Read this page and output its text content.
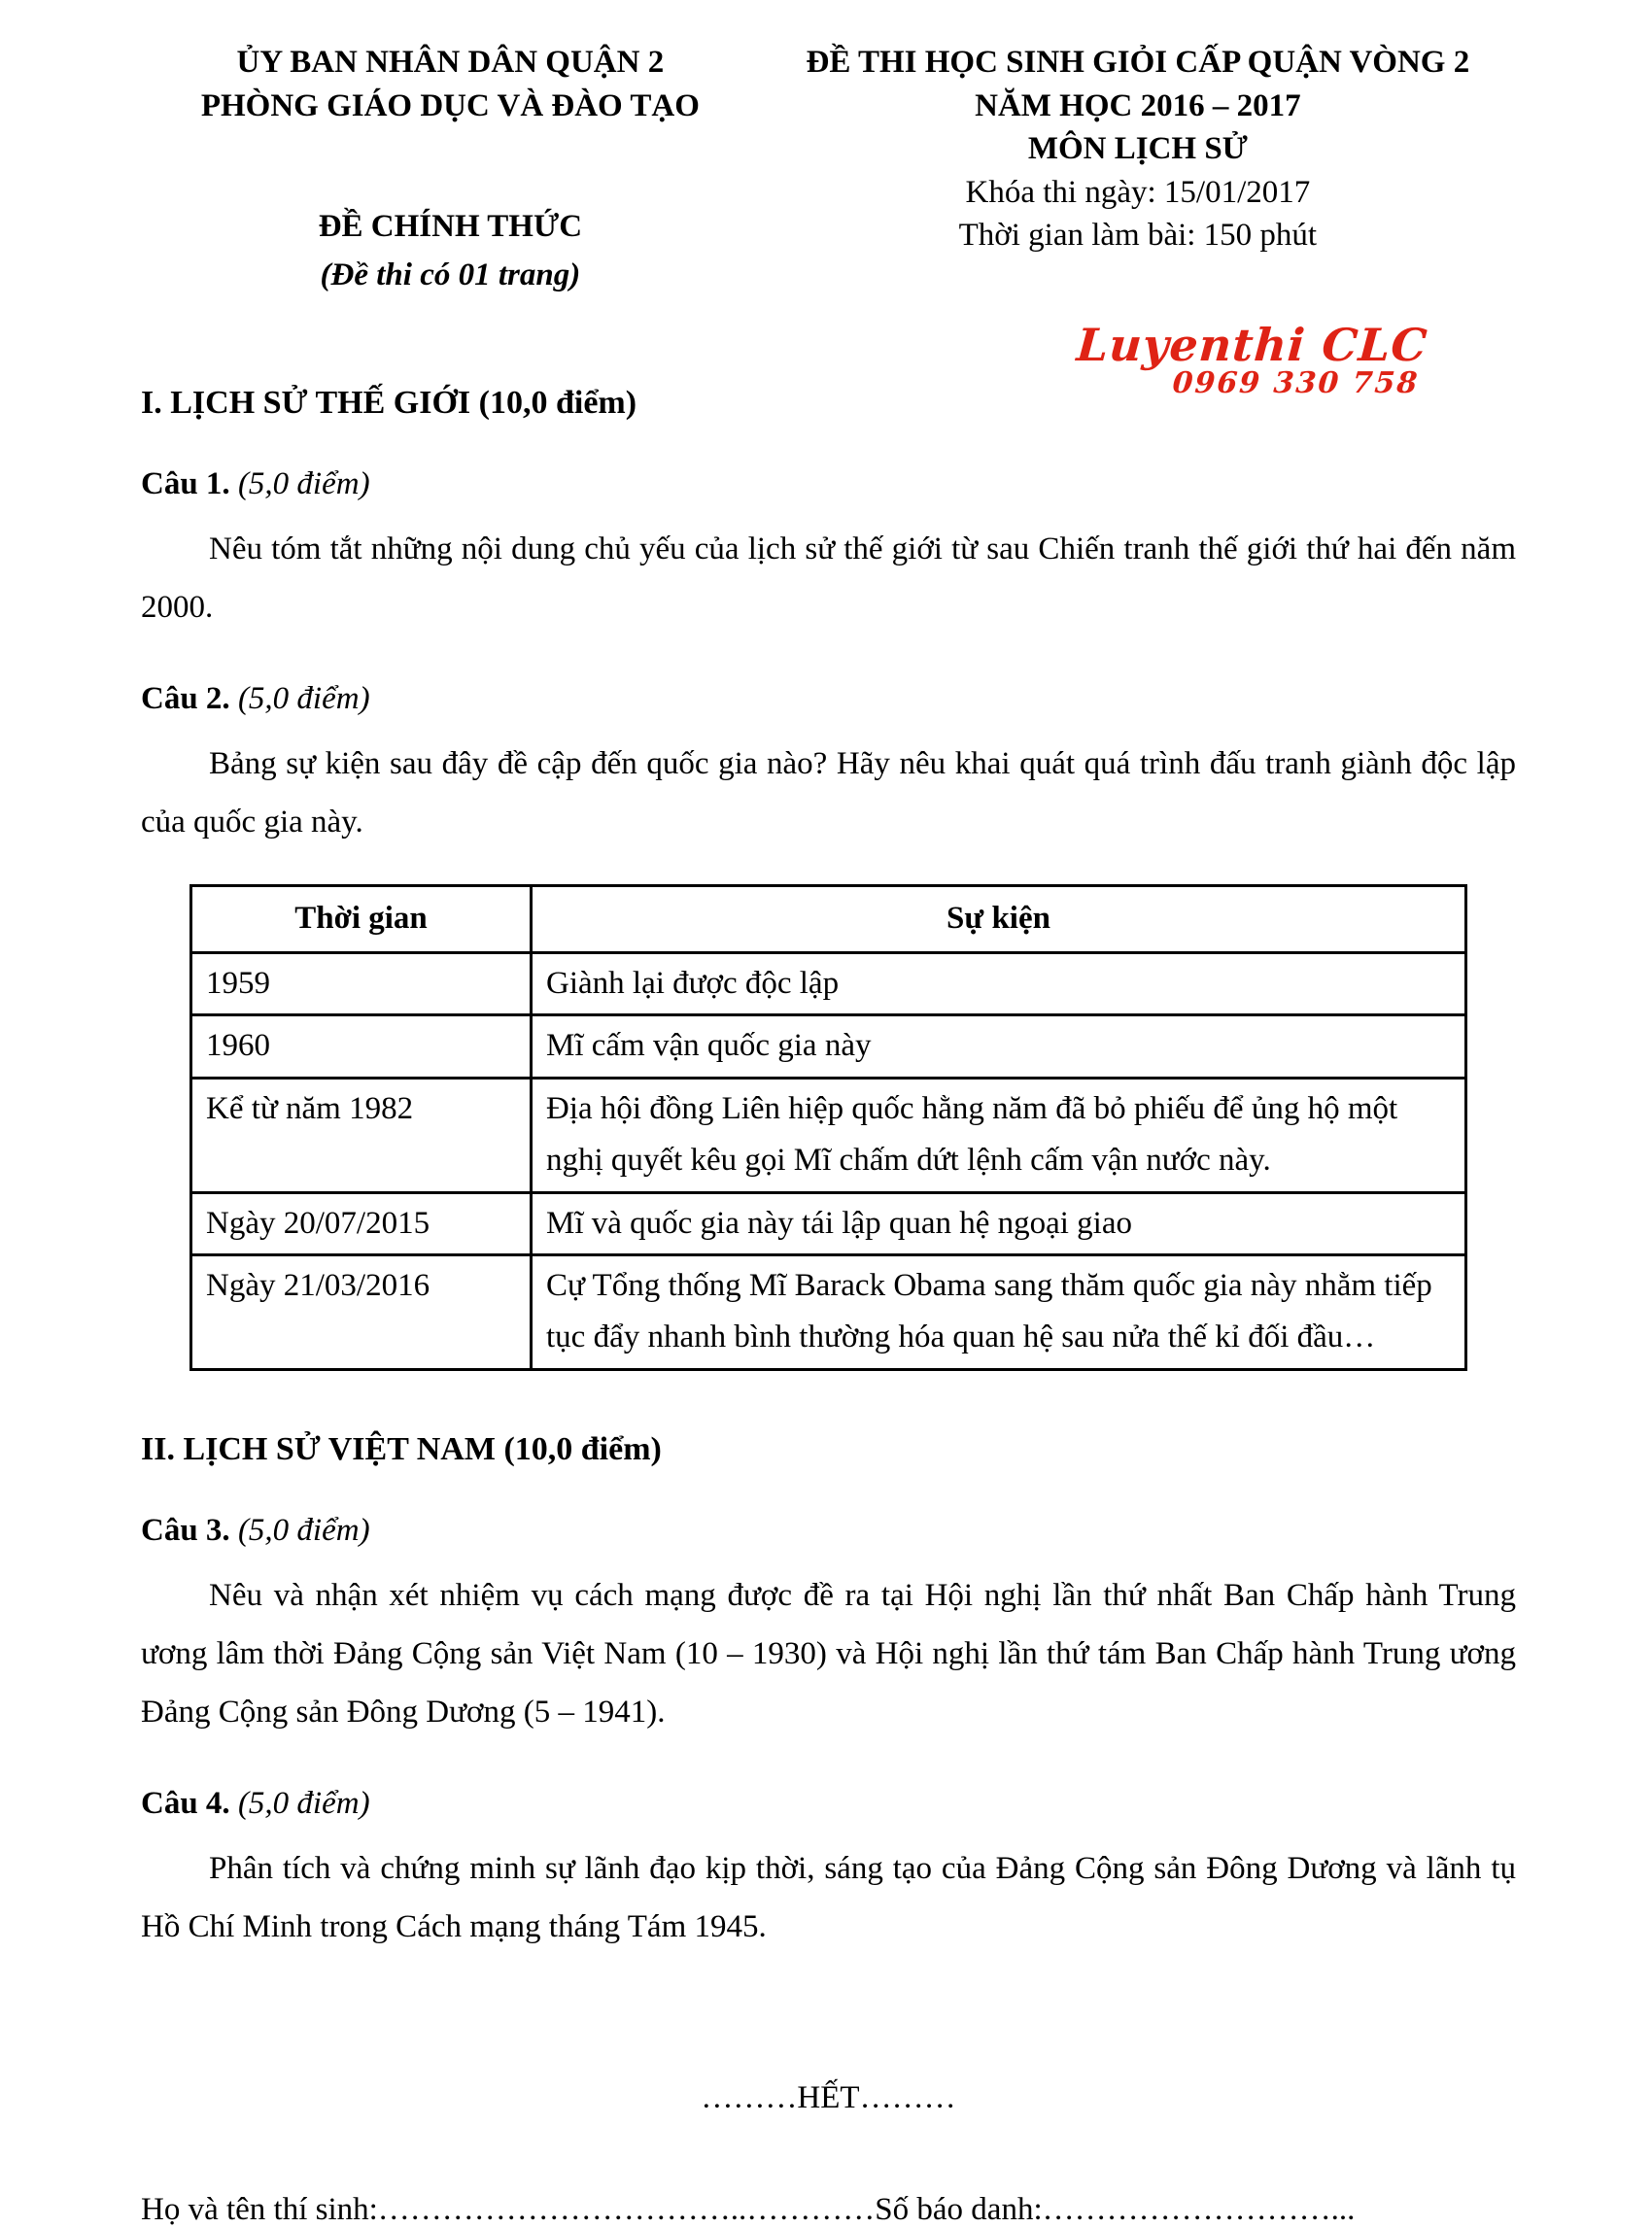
ỦY BAN NHÂN DÂN QUẬN 2
PHÒNG GIÁO DỤC VÀ ĐÀO TẠO
ĐỀ CHÍNH THỨC
(Đề thi có 01 trang)
ĐỀ THI HỌC SINH GIỎI CẤP QUẬN VÒNG 2
NĂM HỌC 2016 – 2017
MÔN LỊCH SỬ
Khóa thi ngày: 15/01/2017
Thời gian làm bài: 150 phút
Luyenthi CLC
0969 330 758
I. LỊCH SỬ THẾ GIỚI (10,0 điểm)
Câu 1. (5,0 điểm)
Nêu tóm tắt những nội dung chủ yếu của lịch sử thế giới từ sau Chiến tranh thế giới thứ hai đến năm 2000.
Câu 2. (5,0 điểm)
Bảng sự kiện sau đây đề cập đến quốc gia nào? Hãy nêu khai quát quá trình đấu tranh giành độc lập của quốc gia này.
Thời gian	Sự kiện
1959	Giành lại được độc lập
1960	Mĩ cấm vận quốc gia này
Kể từ năm 1982	Địa hội đồng Liên hiệp quốc hằng năm đã bỏ phiếu để ủng hộ một nghị quyết kêu gọi Mĩ chấm dứt lệnh cấm vận nước này.
Ngày 20/07/2015	Mĩ và quốc gia này tái lập quan hệ ngoại giao
Ngày 21/03/2016	Cự Tổng thống Mĩ Barack Obama sang thăm quốc gia này nhằm tiếp tục đẩy nhanh bình thường hóa quan hệ sau nửa thế kỉ đối đầu…
II. LỊCH SỬ VIỆT NAM (10,0 điểm)
Câu 3. (5,0 điểm)
Nêu và nhận xét nhiệm vụ cách mạng được đề ra tại Hội nghị lần thứ nhất Ban Chấp hành Trung ương lâm thời Đảng Cộng sản Việt Nam (10 – 1930) và Hội nghị lần thứ tám Ban Chấp hành Trung ương Đảng Cộng sản Đông Dương (5 – 1941).
Câu 4. (5,0 điểm)
Phân tích và chứng minh sự lãnh đạo kịp thời, sáng tạo của Đảng Cộng sản Đông Dương và lãnh tụ Hồ Chí Minh trong Cách mạng tháng Tám 1945.
………HẾT………
Họ và tên thí sinh:……………………………..…………Số báo danh:………………………...
